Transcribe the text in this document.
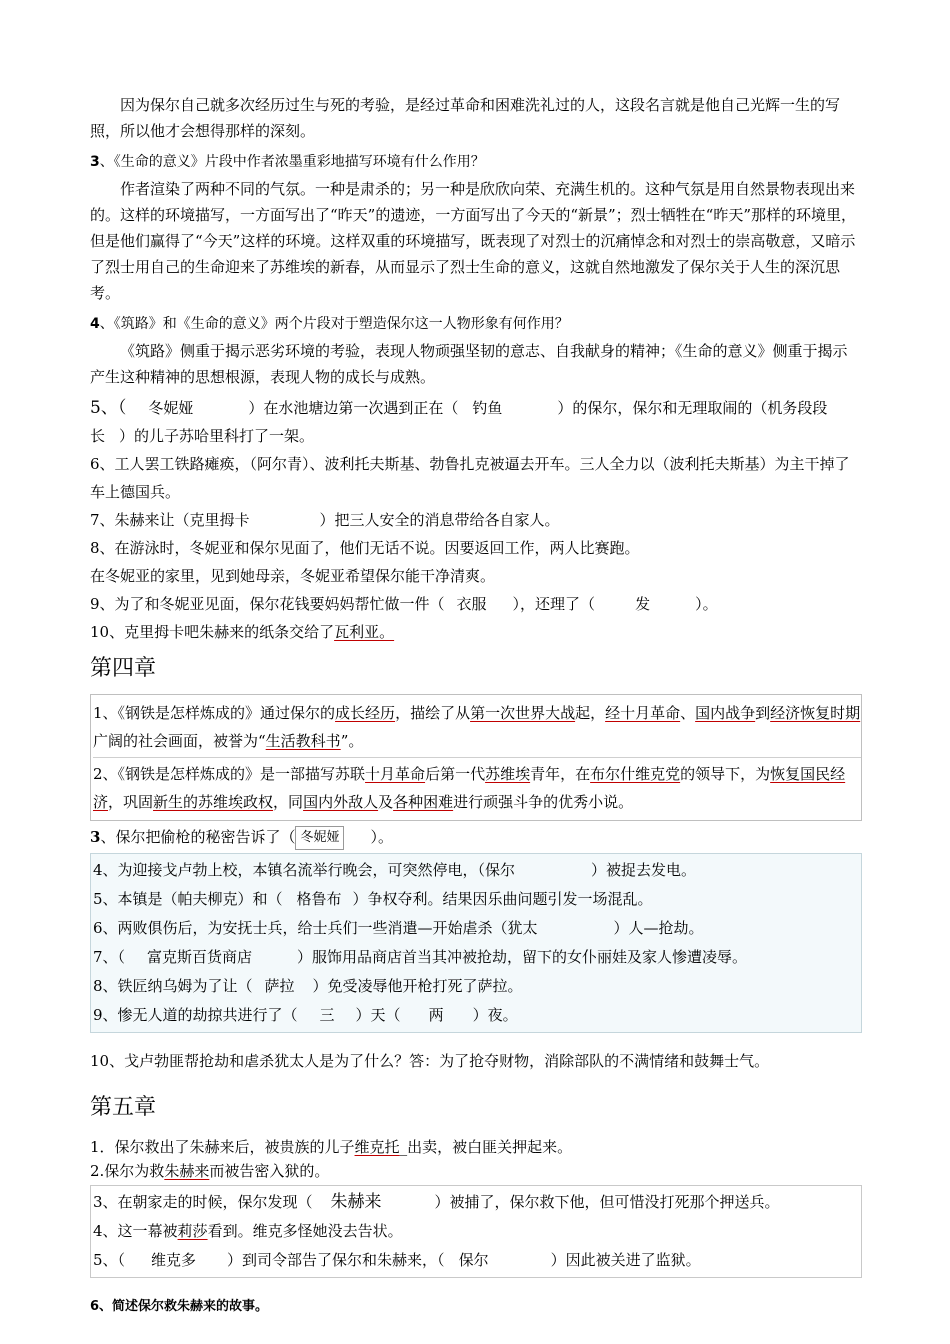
因为保尔自己就多次经历过生与死的考验，是经过革命和困难洗礼过的人，这段名言就是他自己光辉一生的写照，所以他才会想得那样的深刻。

3、《生命的意义》片段中作者浓墨重彩地描写环境有什么作用？

作者渲染了两种不同的气氛。一种是肃杀的；另一种是欣欣向荣、充满生机的。这种气氛是用自然景物表现出来的。这样的环境描写，一方面写出了“昨天”的遗迹，一方面写出了今天的“新景”；烈士牺牲在“昨天”那样的环境里，但是他们赢得了“今天”这样的环境。这样双重的环境描写，既表现了对烈士的沉痛悼念和对烈士的崇高敬意，又暗示了烈士用自己的生命迎来了苏维埃的新春，从而显示了烈士生命的意义，这就自然地激发了保尔关于人生的深沉思考。

4、《筑路》和《生命的意义》两个片段对于塑造保尔这一人物形象有何作用？

《筑路》侧重于揭示恶劣环境的考验，表现人物顽强坚韧的意志、自我献身的精神；《生命的意义》侧重于揭示产生这种精神的思想根源，表现人物的成长与成熟。

5、（ 冬妮娅	）在水池塘边第一次遇到正在（ 钓鱼	）的保尔，保尔和无理取闹的（机务段段长 ）的儿子苏哈里科打了一架。

6、工人罢工铁路瘫痪，（阿尔青）、波利托夫斯基、勃鲁扎克被逼去开车。三人全力以（波利托夫斯基）为主干掉了车上德国兵。

7、朱赫来让（克里拇卡	）把三人安全的消息带给各自家人。

8、在游泳时，冬妮亚和保尔见面了，他们无话不说。因要返回工作，两人比赛跑。

在冬妮亚的家里，见到她母亲，冬妮亚希望保尔能干净清爽。

9、为了和冬妮亚见面，保尔花钱要妈妈帮忙做一件（ 衣服 ），还理了（	发	）。

10、克里拇卡吧朱赫来的纸条交给了瓦利亚。

第四章

1、《钢铁是怎样炼成的》通过保尔的成长经历，描绘了从第一次世界大战起，经十月革命、国内战争到经济恢复时期广阔的社会画面，被誉为“生活教科书”。

2、《钢铁是怎样炼成的》是一部描写苏联十月革命后第一代苏维埃青年，在布尔什维克党的领导下，为恢复国民经济，巩固新生的苏维埃政权，同国内外敌人及各种困难进行顽强斗争的优秀小说。

3、保尔把偷枪的秘密告诉了（ 冬妮娅 ）。

4、为迎接戈卢勃上校，本镇名流举行晚会，可突然停电，（保尔	）被捉去发电。

5、本镇是（帕夫柳克）和（ 格鲁布 ）争权夺利。结果因乐曲问题引发一场混乱。

6、两败俱伤后，为安抚士兵，给士兵们一些消遣—开始虐杀（犹太	）人—抢劫。

7、（ 富克斯百货商店	）服饰用品商店首当其冲被抢劫，留下的女仆丽娃及家人惨遭凌辱。

8、铁匠纳乌姆为了让（ 萨拉 ）免受凌辱他开枪打死了萨拉。

9、惨无人道的劫掠共进行了（ 三 ）天（ 两 ）夜。

10、戈卢勃匪帮抢劫和虐杀犹太人是为了什么？答：为了抢夺财物，消除部队的不满情绪和鼓舞士气。

第五章

1．保尔救出了朱赫来后，被贵族的儿子维克托_出卖，被白匪关押起来。

2.保尔为救朱赫来而被告密入狱的。

3、在朝家走的时候，保尔发现（ 朱赫来	）被捕了，保尔救下他，但可惜没打死那个押送兵。

4、这一幕被莉莎看到。维克多怪她没去告状。

5、（ 维克多 ）到司令部告了保尔和朱赫来，（ 保尔	）因此被关进了监狱。

6、简述保尔救朱赫来的故事。
